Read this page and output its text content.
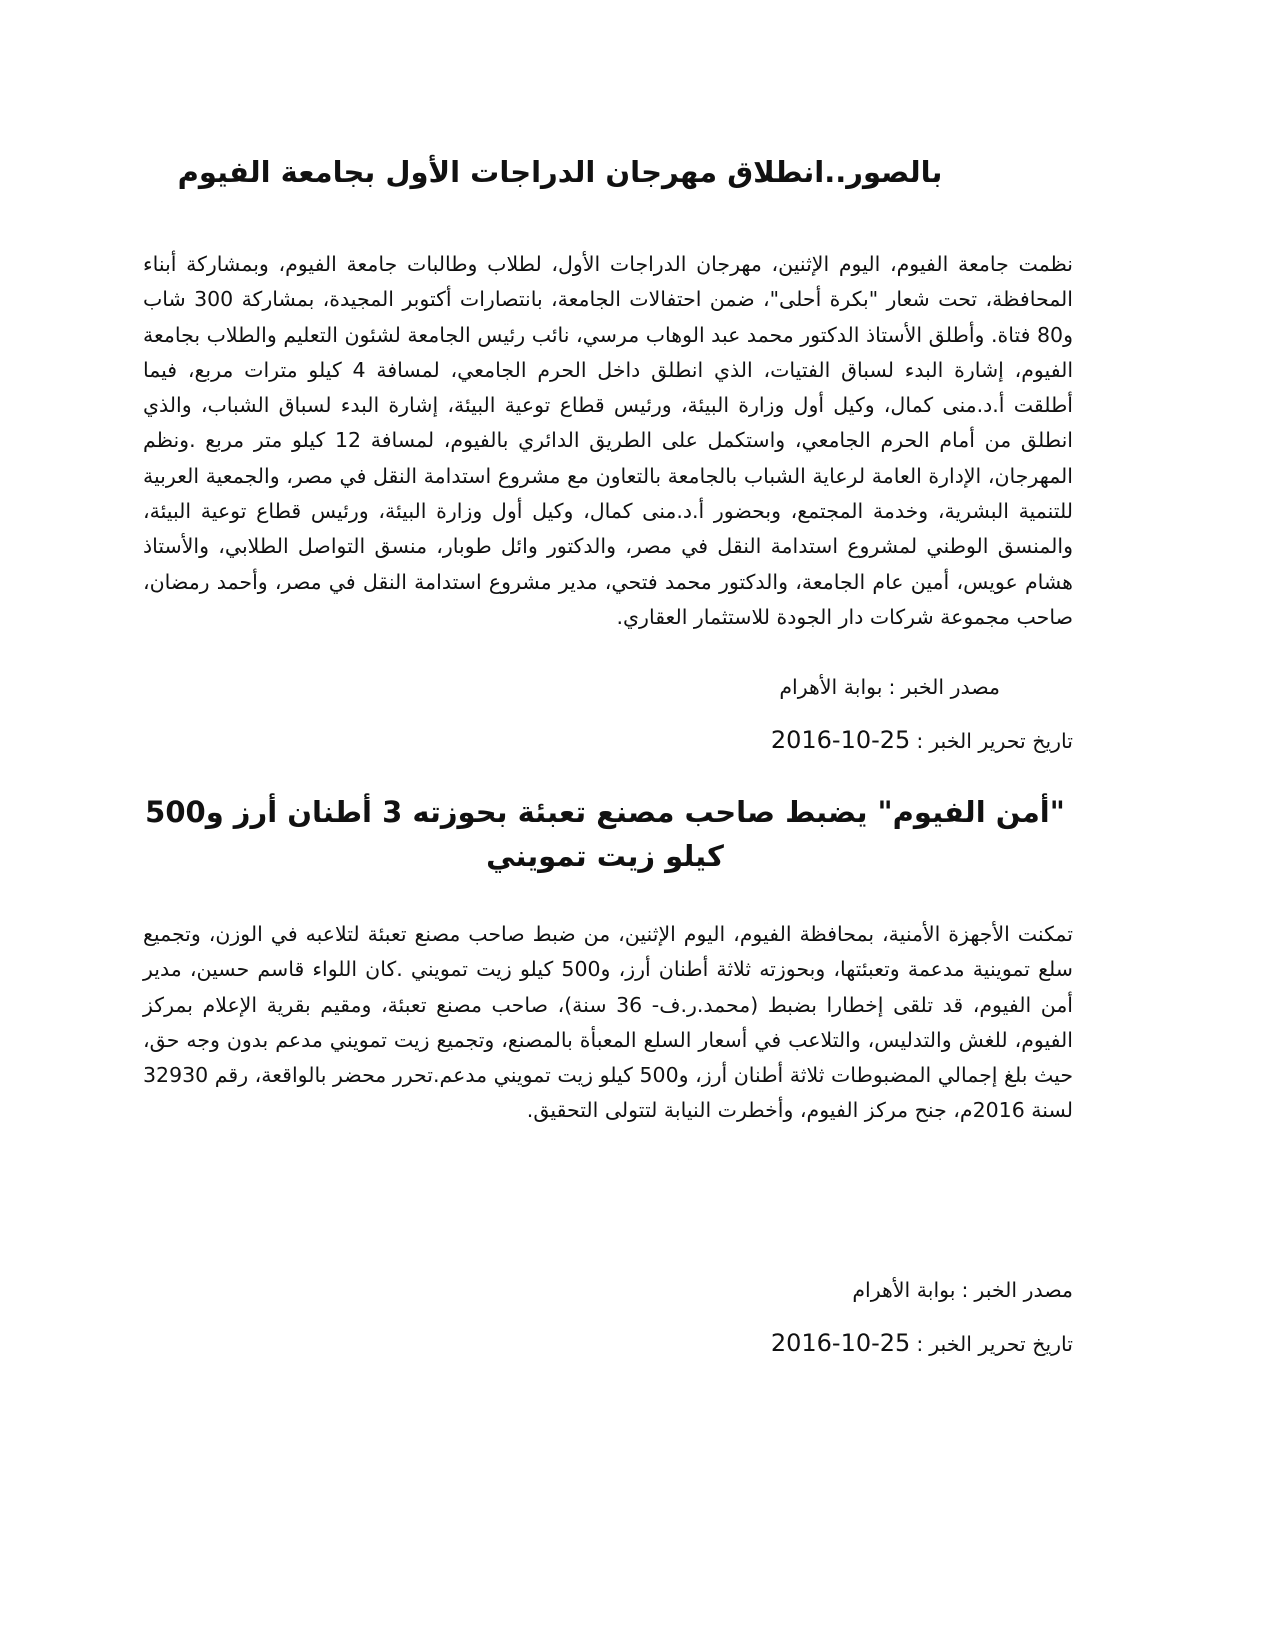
بالصور..انطلاق مهرجان الدراجات الأول بجامعة الفيوم

نظمت جامعة الفيوم، اليوم الإثنين، مهرجان الدراجات الأول، لطلاب وطالبات جامعة الفيوم، وبمشاركة أبناء المحافظة، تحت شعار "بكرة أحلى"، ضمن احتفالات الجامعة، بانتصارات أكتوبر المجيدة، بمشاركة 300 شاب و80 فتاة. وأطلق الأستاذ الدكتور محمد عبد الوهاب مرسي، نائب رئيس الجامعة لشئون التعليم والطلاب بجامعة الفيوم، إشارة البدء لسباق الفتيات، الذي انطلق داخل الحرم الجامعي، لمسافة 4 كيلو مترات مربع، فيما أطلقت أ.د.منى كمال، وكيل أول وزارة البيئة، ورئيس قطاع توعية البيئة، إشارة البدء لسباق الشباب، والذي انطلق من أمام الحرم الجامعي، واستكمل على الطريق الدائري بالفيوم، لمسافة 12 كيلو متر مربع .ونظم المهرجان، الإدارة العامة لرعاية الشباب بالجامعة بالتعاون مع مشروع استدامة النقل في مصر، والجمعية العربية للتنمية البشرية، وخدمة المجتمع، وبحضور أ.د.منى كمال، وكيل أول وزارة البيئة، ورئيس قطاع توعية البيئة، والمنسق الوطني لمشروع استدامة النقل في مصر، والدكتور وائل طوبار، منسق التواصل الطلابي، والأستاذ هشام عويس، أمين عام الجامعة، والدكتور محمد فتحي، مدير مشروع استدامة النقل في مصر، وأحمد رمضان، صاحب مجموعة شركات دار الجودة للاستثمار العقاري.

مصدر الخبر:بوابة الأهرام

تاريخ تحرير الخبر:2016-10-25

"أمن الفيوم" يضبط صاحب مصنع تعبئة بحوزته 3 أطنان أرز و500 كيلو زيت تمويني

تمكنت الأجهزة الأمنية، بمحافظة الفيوم، اليوم الإثنين، من ضبط صاحب مصنع تعبئة لتلاعبه في الوزن، وتجميع سلع تموينية مدعمة وتعبئتها، وبحوزته ثلاثة أطنان أرز، و500 كيلو زيت تمويني .كان اللواء قاسم حسين، مدير أمن الفيوم، قد تلقى إخطارا بضبط (محمد.ر.ف- 36 سنة)، صاحب مصنع تعبئة، ومقيم بقرية الإعلام بمركز الفيوم، للغش والتدليس، والتلاعب في أسعار السلع المعبأة بالمصنع، وتجميع زيت تمويني مدعم بدون وجه حق، حيث بلغ إجمالي المضبوطات ثلاثة أطنان أرز، و500 كيلو زيت تمويني مدعم.تحرر محضر بالواقعة، رقم 32930 لسنة 2016م، جنح مركز الفيوم، وأخطرت النيابة لتتولى التحقيق.

مصدر الخبر:بوابة الأهرام

تاريخ تحرير الخبر:2016-10-25
